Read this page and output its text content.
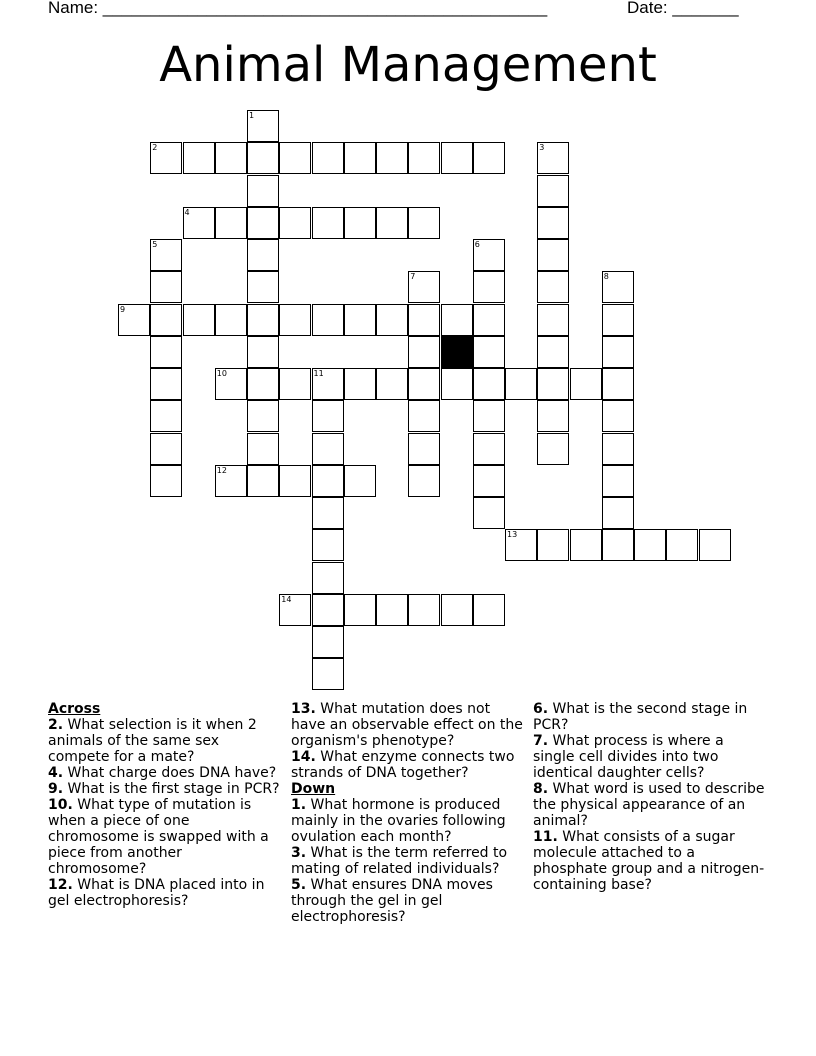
Name: _______________________________________________	Date: _______
Animal Management
1
2	3
4
5	6
7	8
9
10	11
12
13
14
Across

2. What selection is it when 2 animals of the same sex compete for a mate?

4. What charge does DNA have?

9. What is the first stage in PCR?

10. What type of mutation is when a piece of one chromosome is swapped with a piece from another chromosome?

12. What is DNA placed into in gel electrophoresis?

13. What mutation does not have an observable effect on the organism's phenotype?

14. What enzyme connects two strands of DNA together?

Down

1. What hormone is produced mainly in the ovaries following ovulation each month?

3. What is the term referred to mating of related individuals?

5. What ensures DNA moves through the gel in gel electrophoresis?

6. What is the second stage in PCR?

7. What process is where a single cell divides into two identical daughter cells?

8. What word is used to describe the physical appearance of an animal?

11. What consists of a sugar molecule attached to a phosphate group and a nitrogen-containing base?
